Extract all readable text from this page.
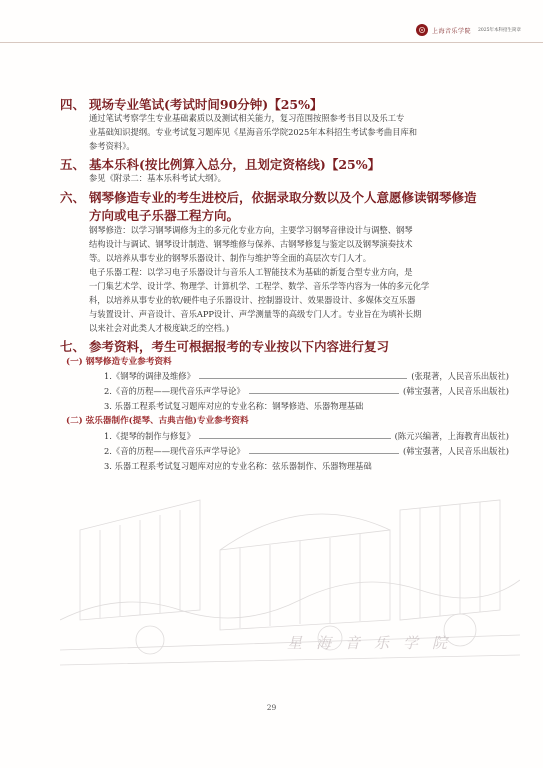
上海音乐学院 2025年本科招生简章
星海音乐学院
四、 现场专业笔试(考试时间90分钟)【25%】
通过笔试考察学生专业基础素质以及测试相关能力，复习范围按照参考书目以及乐工专
业基础知识提纲。专业考试复习题库见《星海音乐学院2025年本科招生考试参考曲目库和
参考资料》。
五、 基本乐科(按比例算入总分，且划定资格线)【25%】
参见《附录二：基本乐科考试大纲》。
六、 钢琴修造专业的考生进校后，依据录取分数以及个人意愿修读钢琴修造
方向或电子乐器工程方向。
钢琴修造：以学习钢琴调修为主的多元化专业方向，主要学习钢琴音律设计与调整、钢琴
结构设计与调试、钢琴设计制造、钢琴维修与保养、古钢琴修复与鉴定以及钢琴演奏技术
等。以培养从事专业的钢琴乐器设计、制作与维护等全面的高层次专门人才。
电子乐器工程：以学习电子乐器设计与音乐人工智能技术为基础的新复合型专业方向，是
一门集艺术学、设计学、物理学、计算机学、工程学、数学、音乐学等内容为一体的多元化学
科，以培养从事专业的软/硬件电子乐器设计、控制器设计、效果器设计、多媒体交互乐器
与装置设计、声音设计、音乐APP设计、声学测量等的高级专门人才。专业旨在为填补长期
以来社会对此类人才极度缺乏的空档。)
七、 参考资料，考生可根据报考的专业按以下内容进行复习
(一) 钢琴修造专业参考资料
1.《钢琴的调律及维修》	(张琨著，人民音乐出版社)
2.《音的历程——现代音乐声学导论》	(韩宝强著，人民音乐出版社)
3. 乐器工程系考试复习题库对应的专业名称：钢琴修造、乐器物理基础
(二) 弦乐器制作(提琴、古典吉他)专业参考资料
1.《提琴的制作与修复》	(陈元兴编著，上海教育出版社)
2.《音的历程——现代音乐声学导论》	(韩宝强著，人民音乐出版社)
3. 乐器工程系考试复习题库对应的专业名称：弦乐器制作、乐器物理基础
29
